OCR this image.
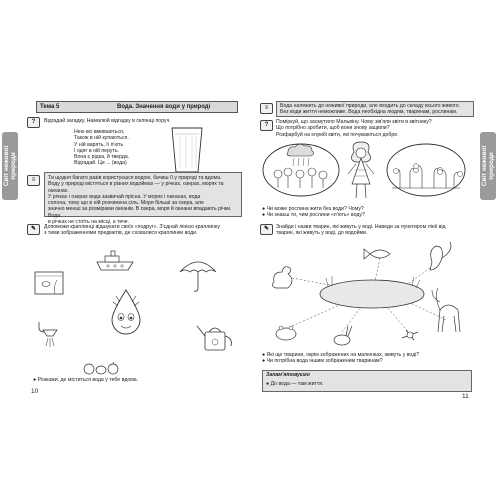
Світ неживої природи
Тема 5	Вода. Значення води у природі
?	Відгадай загадку. Намалюй відгадку в склянці поруч.
Нею всі вмиваються,
Також в ній купаються.
У ній варять, її п'ють
І одяг в ній перуть.
Вона є рідка, й тверда.
Відгадай. Це ... (вода)
≡	Ти щодня багато разів користуєшся водою, бачиш її у природі та вдома.
Воду у природі містяться в різних водоймах — у річках, озерах, морях та океанах.
У річках і озерах вода зазвичай прісна. У морях і океанах, вода
солона, тому що в ній розчинена сіль. Моря більші за озера, але
значно менші за розмірами океанів. В озера, моря й океани впадають річки. Вода
в річках не стоїть на місці, а тече.
✎	Допоможи краплинці відшукати своїх «подруг». З'єднай лінією краплинку
з тими зображеннями предметів, де сховалися краплинки води.
● Розкажи, де міститься вода у тебе вдома.
10
Світ неживої природи
≡	Вода належить до неживої природи, але входить до складу всього живого.
Без води життя неможливе. Вода необхідна людям, тваринам, рослинам.
?	Поміркуй, що засмутило Мальвіну. Чому зів'яли квіти в квітнику?
Що потрібно зробити, щоб вони знову зацвіли?
Розфарбуй на клумбі квіти, які почуваються добре.
● Чи може рослина жити без води? Чому?
● Чи знаєш ти, чим рослини «п'ють» воду?
✎	Знайди і назви тварин, які живуть у воді. Наведи за пунктиром лінії від
тварин, які живуть у воді, до водойми.
● Які ще тварини, окрім зображених на малюнках, живуть у воді?
● Чи потрібна вода іншим зображеним тваринам?
Запам'ятовуємо
● До вода — там життя.
11
